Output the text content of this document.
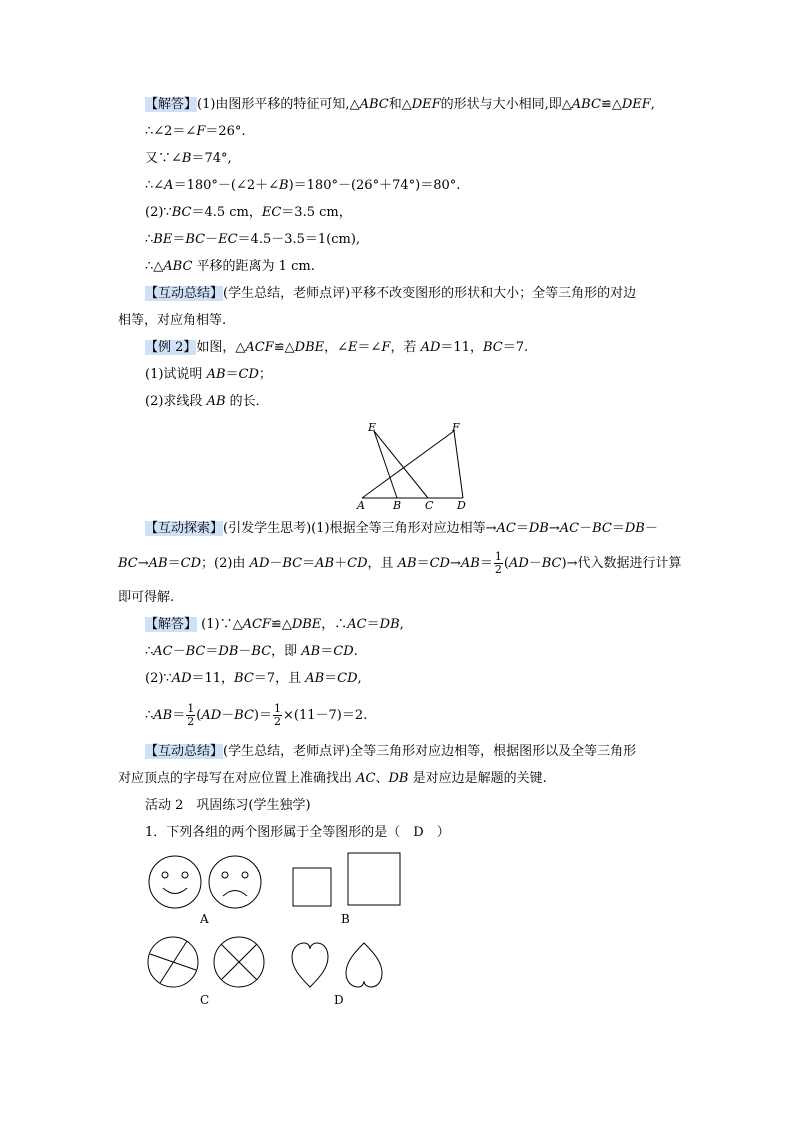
【解答】(1)由图形平移的特征可知,△ABC和△DEF的形状与大小相同,即△ABC≌△DEF,
∴∠2＝∠F＝26°.
又∵∠B＝74°,
∴∠A＝180°－(∠2＋∠B)＝180°－(26°＋74°)＝80°.
(2)∵BC＝4.5 cm，EC＝3.5 cm，
∴BE＝BC－EC＝4.5－3.5＝1(cm),
∴△ABC 平移的距离为 1 cm.
【互动总结】(学生总结，老师点评)平移不改变图形的形状和大小；全等三角形的对边
相等，对应角相等.
【例 2】如图，△ACF≌△DBE，∠E＝∠F，若 AD＝11，BC＝7.
(1)试说明 AB＝CD；
(2)求线段 AB 的长．
E	F
A	B C D
【互动探索】(引发学生思考)(1)根据全等三角形对应边相等→AC＝DB→AC－BC＝DB－
BC→AB＝CD；(2)由 AD－BC＝AB＋CD，且 $AB=CD\to AB= \frac{1}{2} (AD-BC)\to$代入数据进行计算
即可得解.
【解答】 (1)∵△ACF≌△DBE，∴AC＝DB,
∴AC－BC＝DB－BC，即 AB＝CD.
(2)∵AD＝11，BC＝7，且 AB＝CD,
∴AB＝ $\frac{1}{2} (AD-BC)= \frac{1}{2} \times(11-7)=2$.
【互动总结】(学生总结，老师点评)全等三角形对应边相等，根据图形以及全等三角形
对应顶点的字母写在对应位置上准确找出 AC、DB 是对应边是解题的关键.
活动 2　巩固练习(学生独学)
1．下列各组的两个图形属于全等图形的是（　D　）
A	B
C	D
